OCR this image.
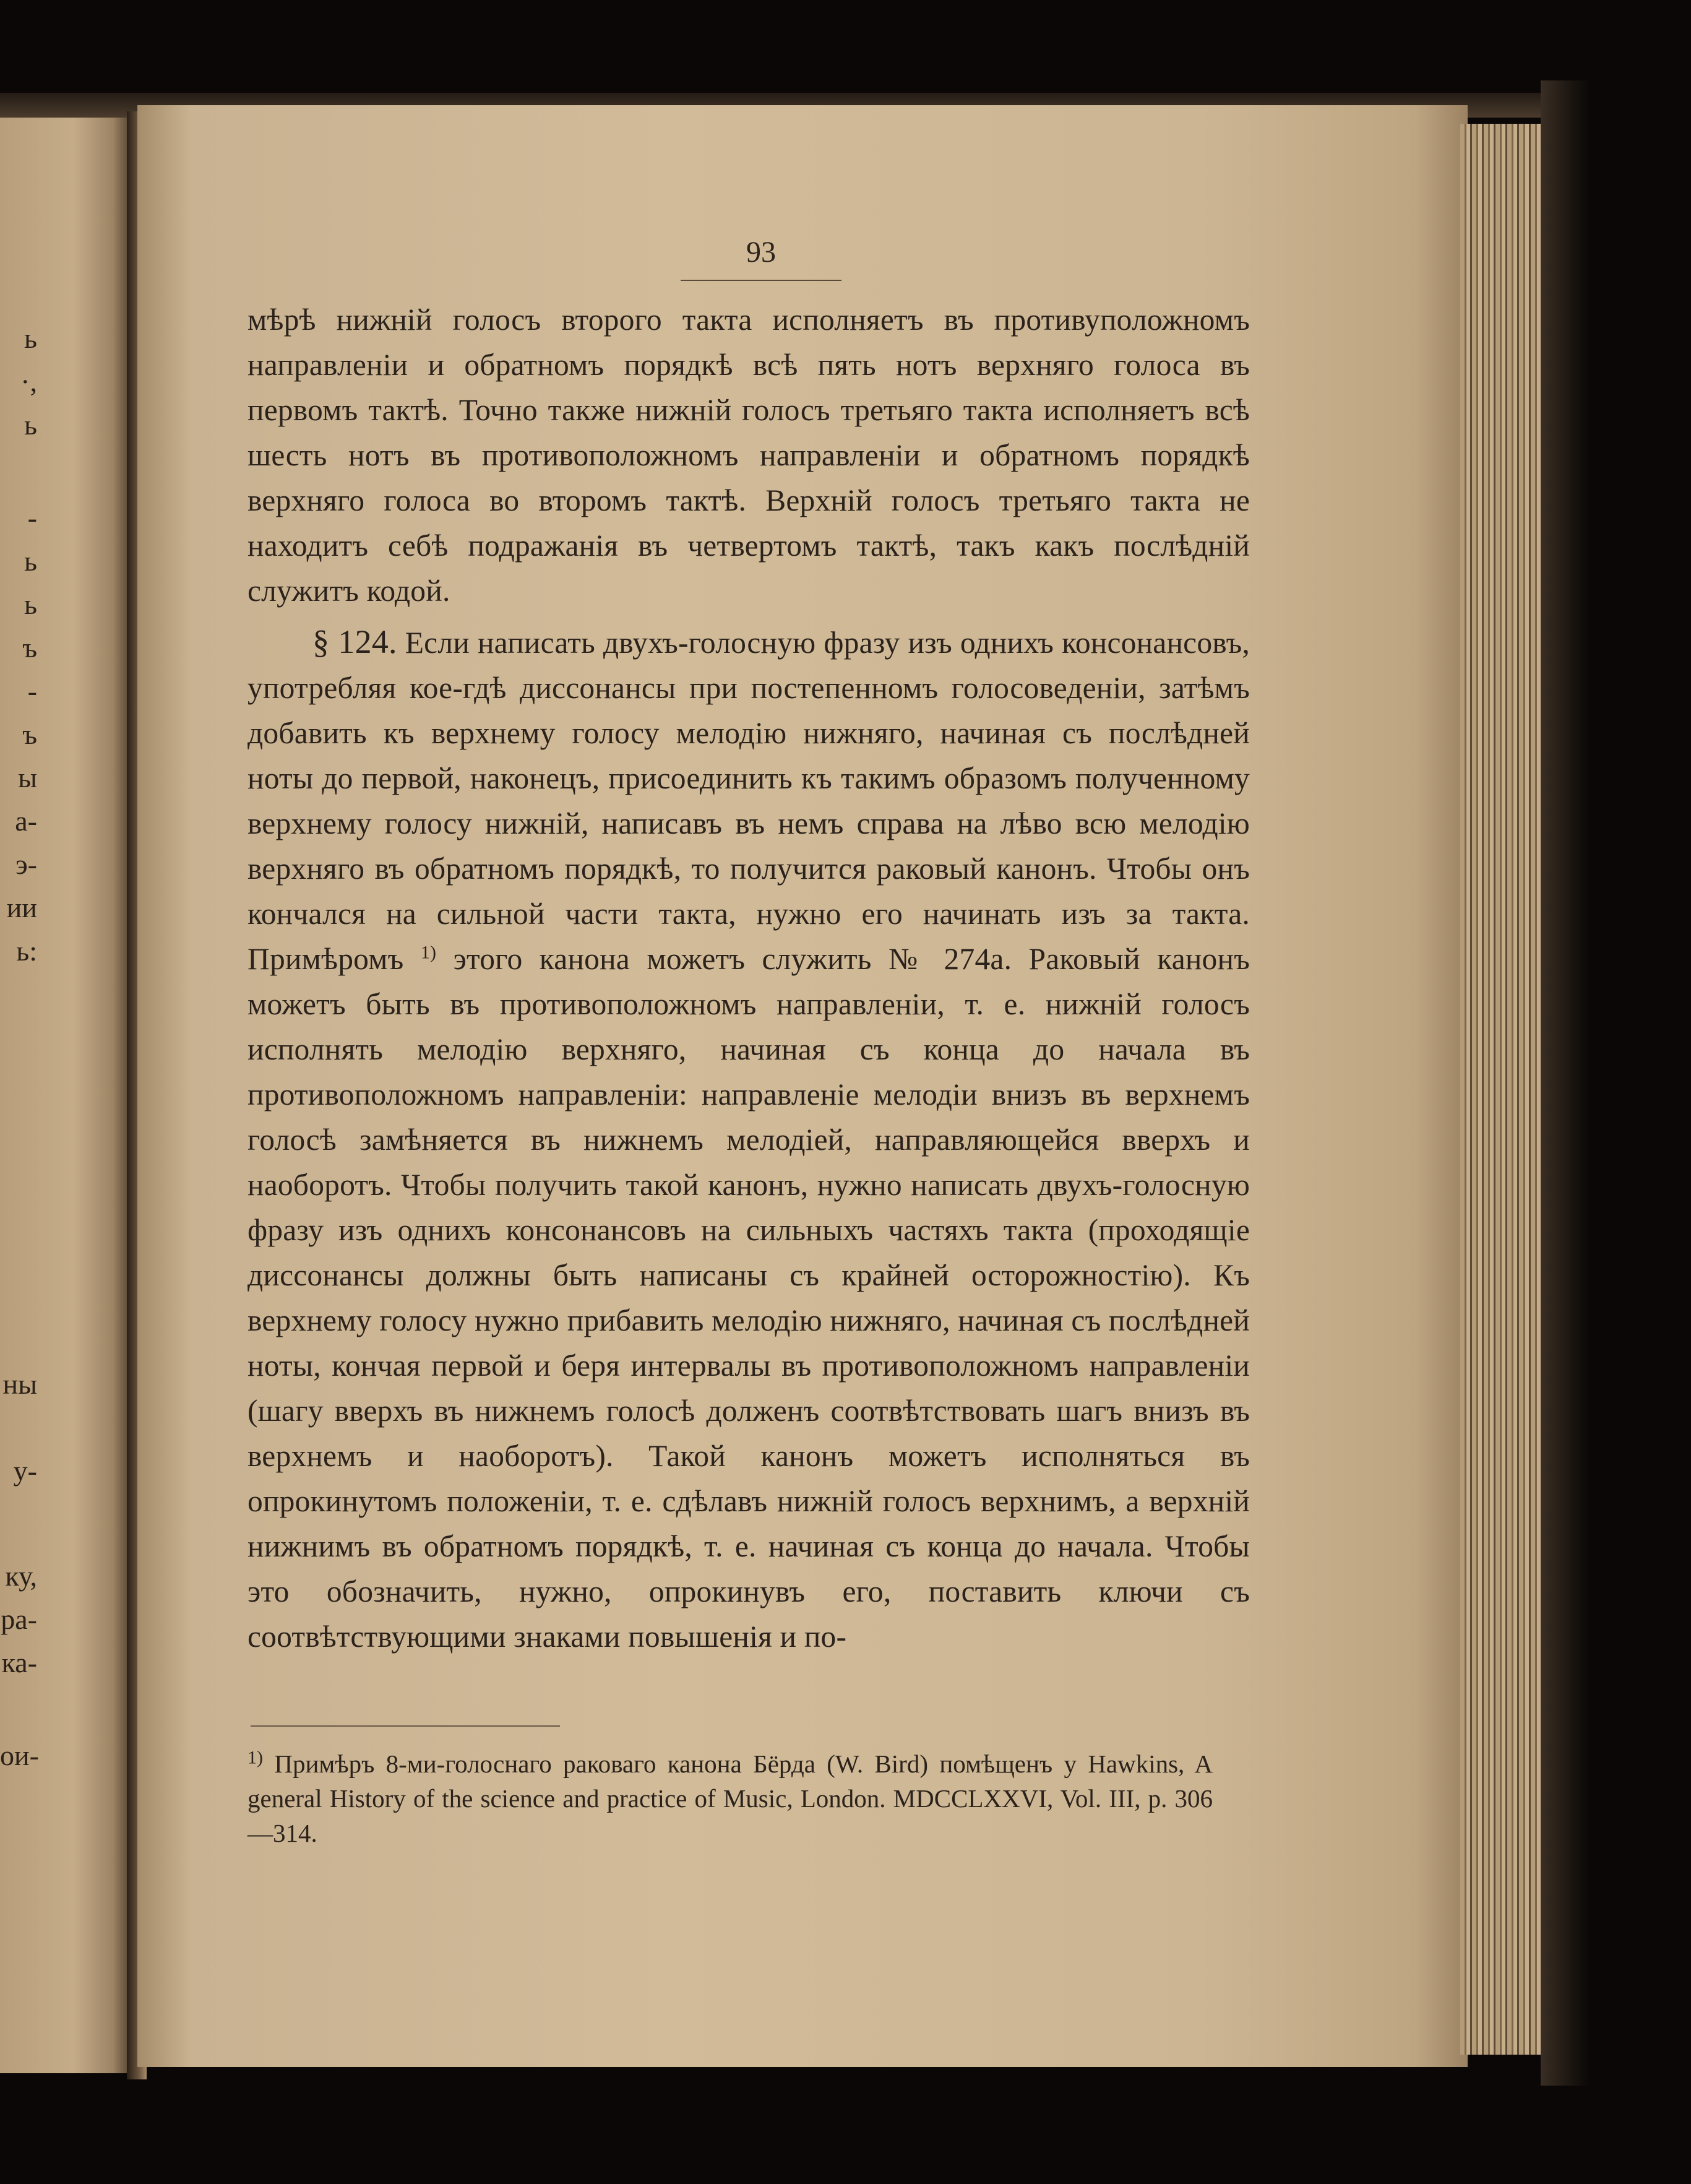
ь
·,
ь
-
ь
ь
ъ
-
ъ
ы
а-
э-
ии
ь:
ны
у-
ку,
ра-
ка-
ои-
93

мѣрѣ нижній голосъ второго такта исполняетъ въ противуположномъ направленіи и обратномъ порядкѣ всѣ пять нотъ верхняго голоса въ первомъ тактѣ. Точно также нижній голосъ третьяго такта исполняетъ всѣ шесть нотъ въ противоположномъ направленіи и обратномъ порядкѣ верхняго голоса во второмъ тактѣ. Верхній голосъ третьяго такта не находитъ себѣ подражанія въ четвертомъ тактѣ, такъ какъ послѣдній служитъ кодой.

§ 124. Если написать двухъ-голосную фразу изъ однихъ консонансовъ, употребляя кое-гдѣ диссонансы при постепенномъ голосоведеніи, затѣмъ добавить къ верхнему голосу мелодію нижняго, начиная съ послѣдней ноты до первой, наконецъ, присоединить къ такимъ образомъ полученному верхнему голосу нижній, написавъ въ немъ справа на лѣво всю мелодію верхняго въ обратномъ порядкѣ, то получится раковый канонъ. Чтобы онъ кончался на сильной части такта, нужно его начинать изъ за такта. Примѣромъ $^{1)}$ этого канона можетъ служить № 274а. Раковый канонъ можетъ быть въ противоположномъ направленіи, т. е. нижній голосъ исполнять мелодію верхняго, начиная съ конца до начала въ противоположномъ направленіи: направленіе мелодіи внизъ въ верхнемъ голосѣ замѣняется въ нижнемъ мелодіей, направляющейся вверхъ и наоборотъ. Чтобы получить такой канонъ, нужно написать двухъ-голосную фразу изъ однихъ консонансовъ на сильныхъ частяхъ такта (проходящіе диссонансы должны быть написаны съ крайней осторожностію). Къ верхнему голосу нужно прибавить мелодію нижняго, начиная съ послѣдней ноты, кончая первой и беря интервалы въ противоположномъ направленіи (шагу вверхъ въ нижнемъ голосѣ долженъ соотвѣтствовать шагъ внизъ въ верхнемъ и наоборотъ). Такой канонъ можетъ исполняться въ опрокинутомъ положеніи, т. е. сдѣлавъ нижній голосъ верхнимъ, а верхній нижнимъ въ обратномъ порядкѣ, т. е. начиная съ конца до начала. Чтобы это обозначить, нужно, опрокинувъ его, поставить ключи съ соотвѣтствующими знаками повышенія и по-

$^{1)}$ Примѣръ 8-ми-голоснаго раковаго канона Бёрда (W. Bird) помѣщенъ у Hawkins, A general History of the science and practice of Music, London. MDCCLXXVI, Vol. III, p. 306—314.
